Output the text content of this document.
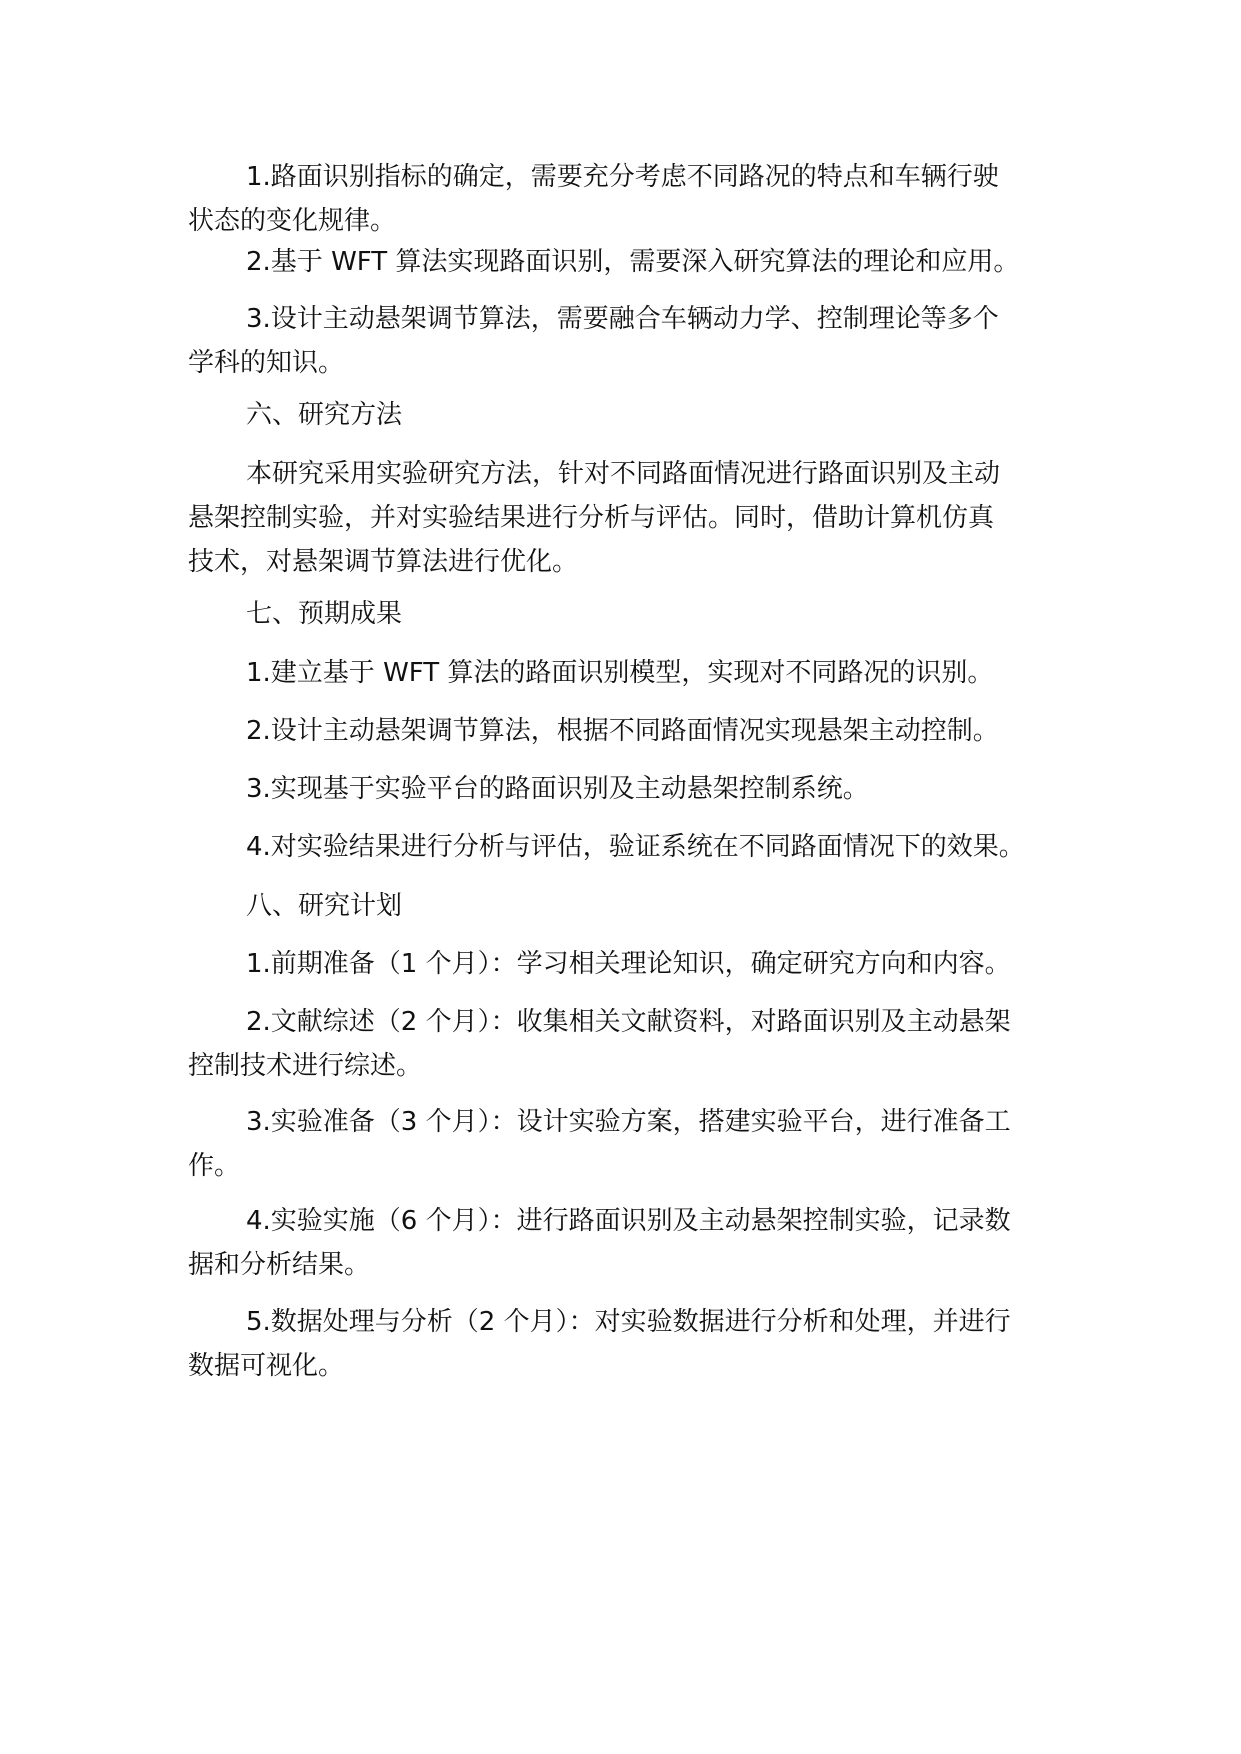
1.路面识别指标的确定，需要充分考虑不同路况的特点和车辆行驶
状态的变化规律。

2.基于 WFT 算法实现路面识别，需要深入研究算法的理论和应用。

3.设计主动悬架调节算法，需要融合车辆动力学、控制理论等多个
学科的知识。

六、研究方法

本研究采用实验研究方法，针对不同路面情况进行路面识别及主动
悬架控制实验，并对实验结果进行分析与评估。同时，借助计算机仿真
技术，对悬架调节算法进行优化。

七、预期成果

1.建立基于 WFT 算法的路面识别模型，实现对不同路况的识别。

2.设计主动悬架调节算法，根据不同路面情况实现悬架主动控制。

3.实现基于实验平台的路面识别及主动悬架控制系统。

4.对实验结果进行分析与评估，验证系统在不同路面情况下的效果。

八、研究计划

1.前期准备（1 个月）：学习相关理论知识，确定研究方向和内容。

2.文献综述（2 个月）：收集相关文献资料，对路面识别及主动悬架
控制技术进行综述。

3.实验准备（3 个月）：设计实验方案，搭建实验平台，进行准备工
作。

4.实验实施（6 个月）：进行路面识别及主动悬架控制实验，记录数
据和分析结果。

5.数据处理与分析（2 个月）：对实验数据进行分析和处理，并进行
数据可视化。
